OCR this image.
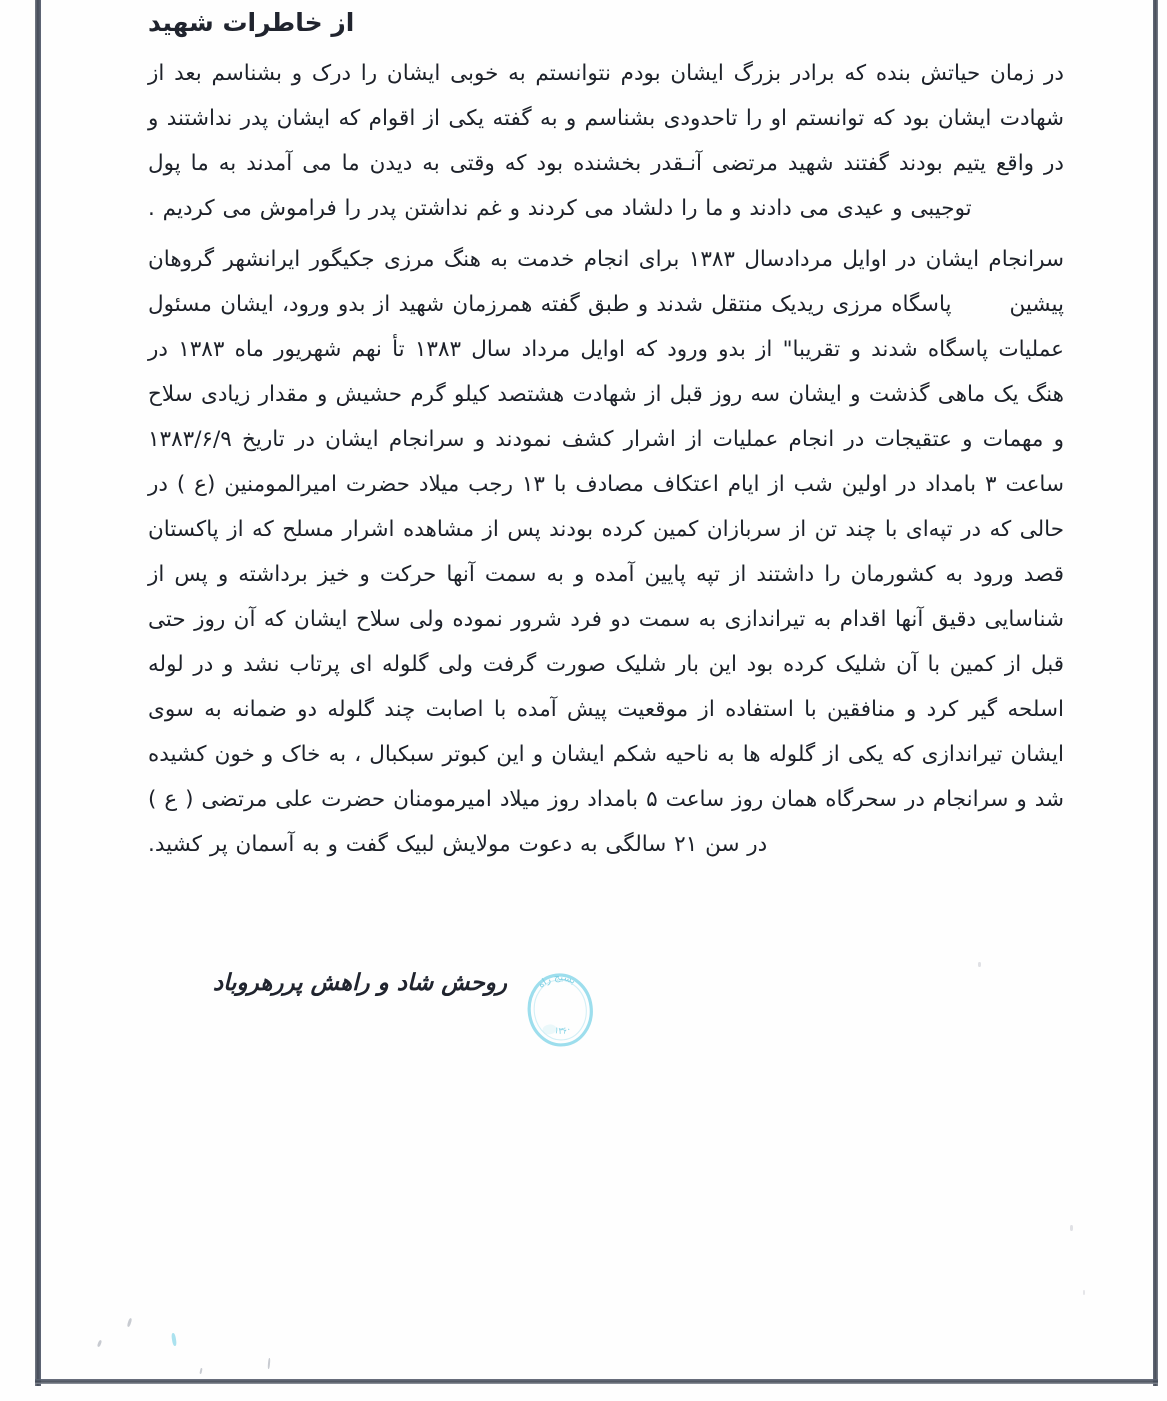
از خاطرات شهید

در زمان حیاتش بنده که برادر بزرگ ایشان بودم نتوانستم به خوبی ایشان را درک و بشناسم بعد از شهادت ایشان بود که توانستم او را تاحدودی بشناسم و به گفته یکی از اقوام که ایشان پدر نداشتند و در واقع یتیم بودند گفتند شهید مرتضی آنـقدر بخشنده بود که وقتی به دیدن ما می آمدند به ما پول توجیبی و عیدی می دادند و ما را دلشاد می کردند و غم نداشتن پدر را فراموش می کردیم .

سرانجام ایشان در اوایل مردادسال ۱۳۸۳ برای انجام خدمت به هنگ مرزی جکیگور ایرانشهر گروهان پیشینپاسگاه مرزی ریدیک منتقل شدند و طبق گفته همرزمان شهید از بدو ورود، ایشان مسئول عملیات پاسگاه شدند و تقریبا" از بدو ورود که اوایل مرداد سال ۱۳۸۳ تأ نهم شهریور ماه ۱۳۸۳ در هنگ یک ماهی گذشت و ایشان سه روز قبل از شهادت هشتصد کیلو گرم حشیش و مقدار زیادی سلاح و مهمات و عتقیجات در انجام عملیات از اشرار کشف نمودند و سرانجام ایشان در تاریخ ۱۳۸۳/۶/۹ ساعت ۳ بامداد در اولین شب از ایام اعتکاف مصادف با ۱۳ رجب میلاد حضرت امیرالمومنین (ع ) در حالی که در تپه‌ای با چند تن از سربازان کمین کرده بودند پس از مشاهده اشرار مسلح که از پاکستان قصد ورود به کشورمان را داشتند از تپه پایین آمده و به سمت آنها حرکت و خیز برداشته و پس از شناسایی دقیق آنها اقدام به تیراندازی به سمت دو فرد شرور نموده ولی سلاح ایشان که آن روز حتی قبل از کمین با آن شلیک کرده بود این بار شلیک صورت گرفت ولی گلوله ای پرتاب نشد و در لوله اسلحه گیر کرد و منافقین با استفاده از موقعیت پیش آمده با اصابت چند گلوله دو ضمانه به سوی ایشان تیراندازی که یکی از گلوله ها به ناحیه شکم ایشان و این کبوتر سبکبال ، به خاک و خون کشیده شد و سرانجام در سحرگاه همان روز ساعت ۵ بامداد روز میلاد امیرمومنان حضرت علی مرتضی ( ع ) در سن ۲۱ سالگی به دعوت مولایش لبیک گفت و به آسمان پر کشید.

روحش شاد و راهش پررهروباد	بسیج راه
۱۳۶۰
